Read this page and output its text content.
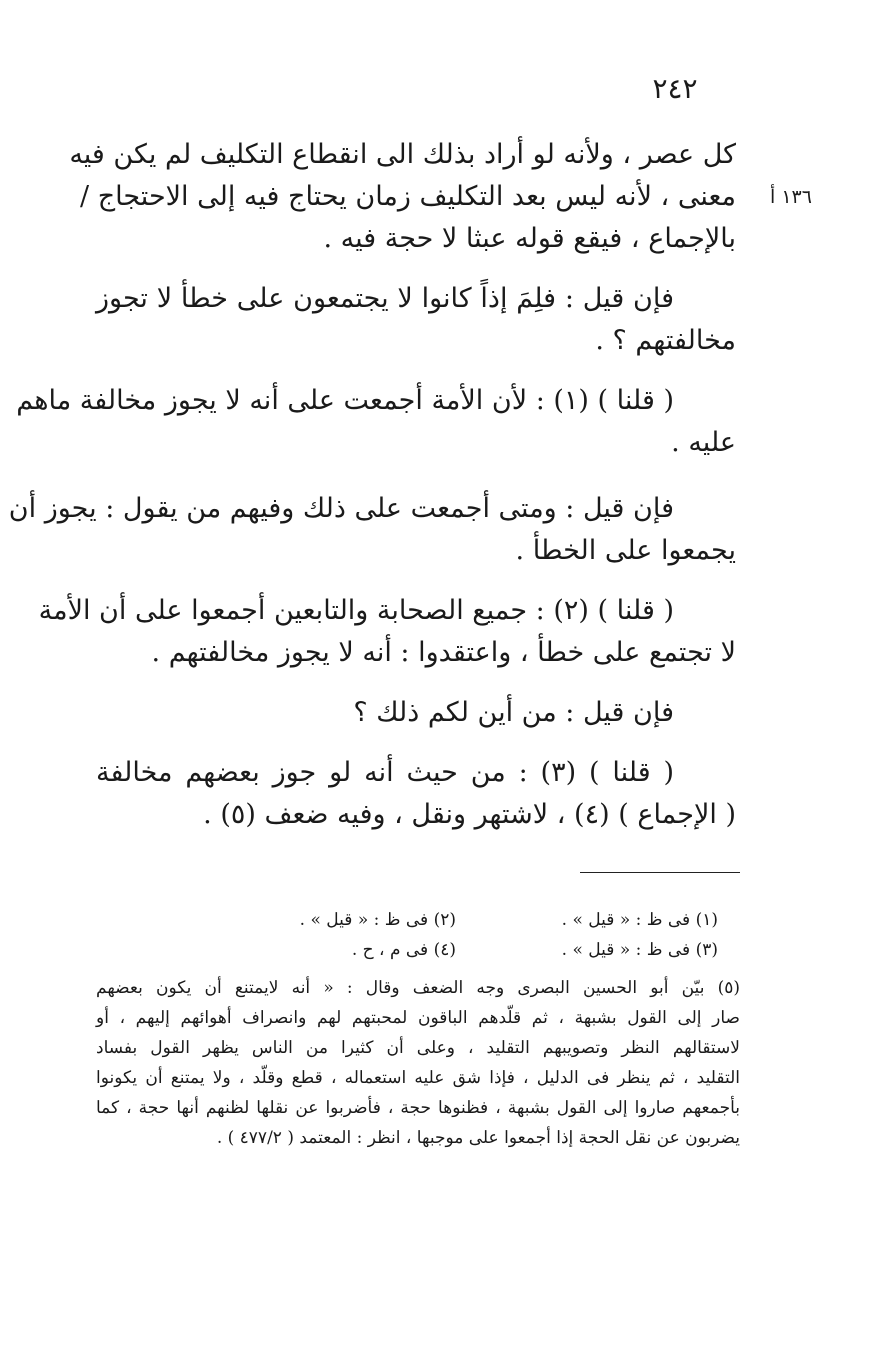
٢٤٢
١٣٦ أ
كل عصر ، ولأنه لو أراد بذلك الى انقطاع التكليف لم يكن فيه
معنى ، لأنه ليس بعد التكليف زمان يحتاج فيه إلى الاحتجاج /
بالإجماع ، فيقع قوله عبثا لا حجة فيه .
فإن قيل : فلِمَ إذاً كانوا لا يجتمعون على خطأ لا تجوز
مخالفتهم ؟ .
( قلنا ) (١) : لأن الأمة أجمعت على أنه لا يجوز مخالفة ماهم
عليه .
فإن قيل : ومتى أجمعت على ذلك وفيهم من يقول : يجوز أن
يجمعوا على الخطأ .
( قلنا ) (٢) : جميع الصحابة والتابعين أجمعوا على أن الأمة
لا تجتمع على خطأ ، واعتقدوا : أنه لا يجوز مخالفتهم .
فإن قيل : من أين لكم ذلك ؟
( قلنا ) (٣) : من حيث أنه لو جوز بعضهم مخالفة
( الإجماع ) (٤) ، لاشتهر ونقل ، وفيه ضعف (٥) .
(١) فى ظ : « قيل » .
(٢) فى ظ : « قيل » .
(٣) فى ظ : « قيل » .
(٤) فى م ، ح .
(٥) بيّن أبو الحسين البصرى وجه الضعف وقال : « أنه لايمتنع أن يكون بعضهم
صار إلى القول بشبهة ، ثم قلّدهم الباقون لمحبتهم لهم وانصراف أهوائهم إليهم ، أو
لاستقالهم النظر وتصويبهم التقليد ، وعلى أن كثيرا من الناس يظهر القول بفساد
التقليد ، ثم ينظر فى الدليل ، فإذا شق عليه استعماله ، قطع وقلّد ، ولا يمتنع أن يكونوا
بأجمعهم صاروا إلى القول بشبهة ، فظنوها حجة ، فأضربوا عن نقلها لظنهم أنها حجة ، كما
يضربون عن نقل الحجة إذا أجمعوا على موجبها ، انظر : المعتمد ( ٤٧٧/٢ ) .
